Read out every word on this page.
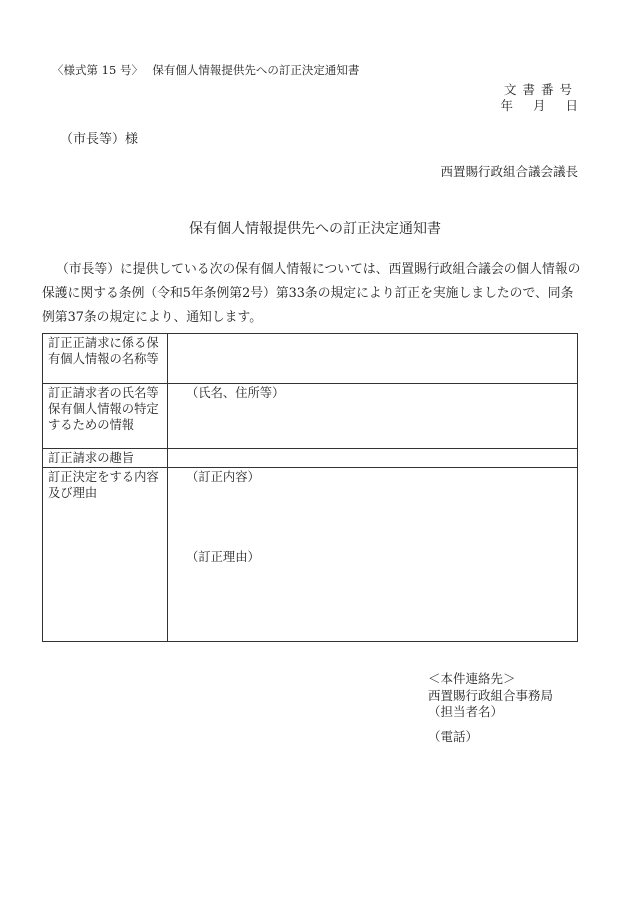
〈様式第 15 号〉　 保有個人情報提供先への訂正決定通知書
文書番号
年 月 日
（市長等）様
西置賜行政組合議会議長
保有個人情報提供先への訂正決定通知書
（市長等）に提供している次の保有個人情報については、西置賜行政組合議会の個人情報の保護に関する条例（令和5年条例第2号）第33条の規定により訂正を実施しましたので、同条例第37条の規定により、通知します。
訂正正請求に係る保有個人情報の名称等	
訂正請求者の氏名等保有個人情報の特定するための情報	（氏名、住所等）
訂正請求の趣旨	
訂正決定をする内容及び理由	（訂正内容）
（訂正理由）
＜本件連絡先＞
西置賜行政組合事務局
（担当者名）
（電話）
